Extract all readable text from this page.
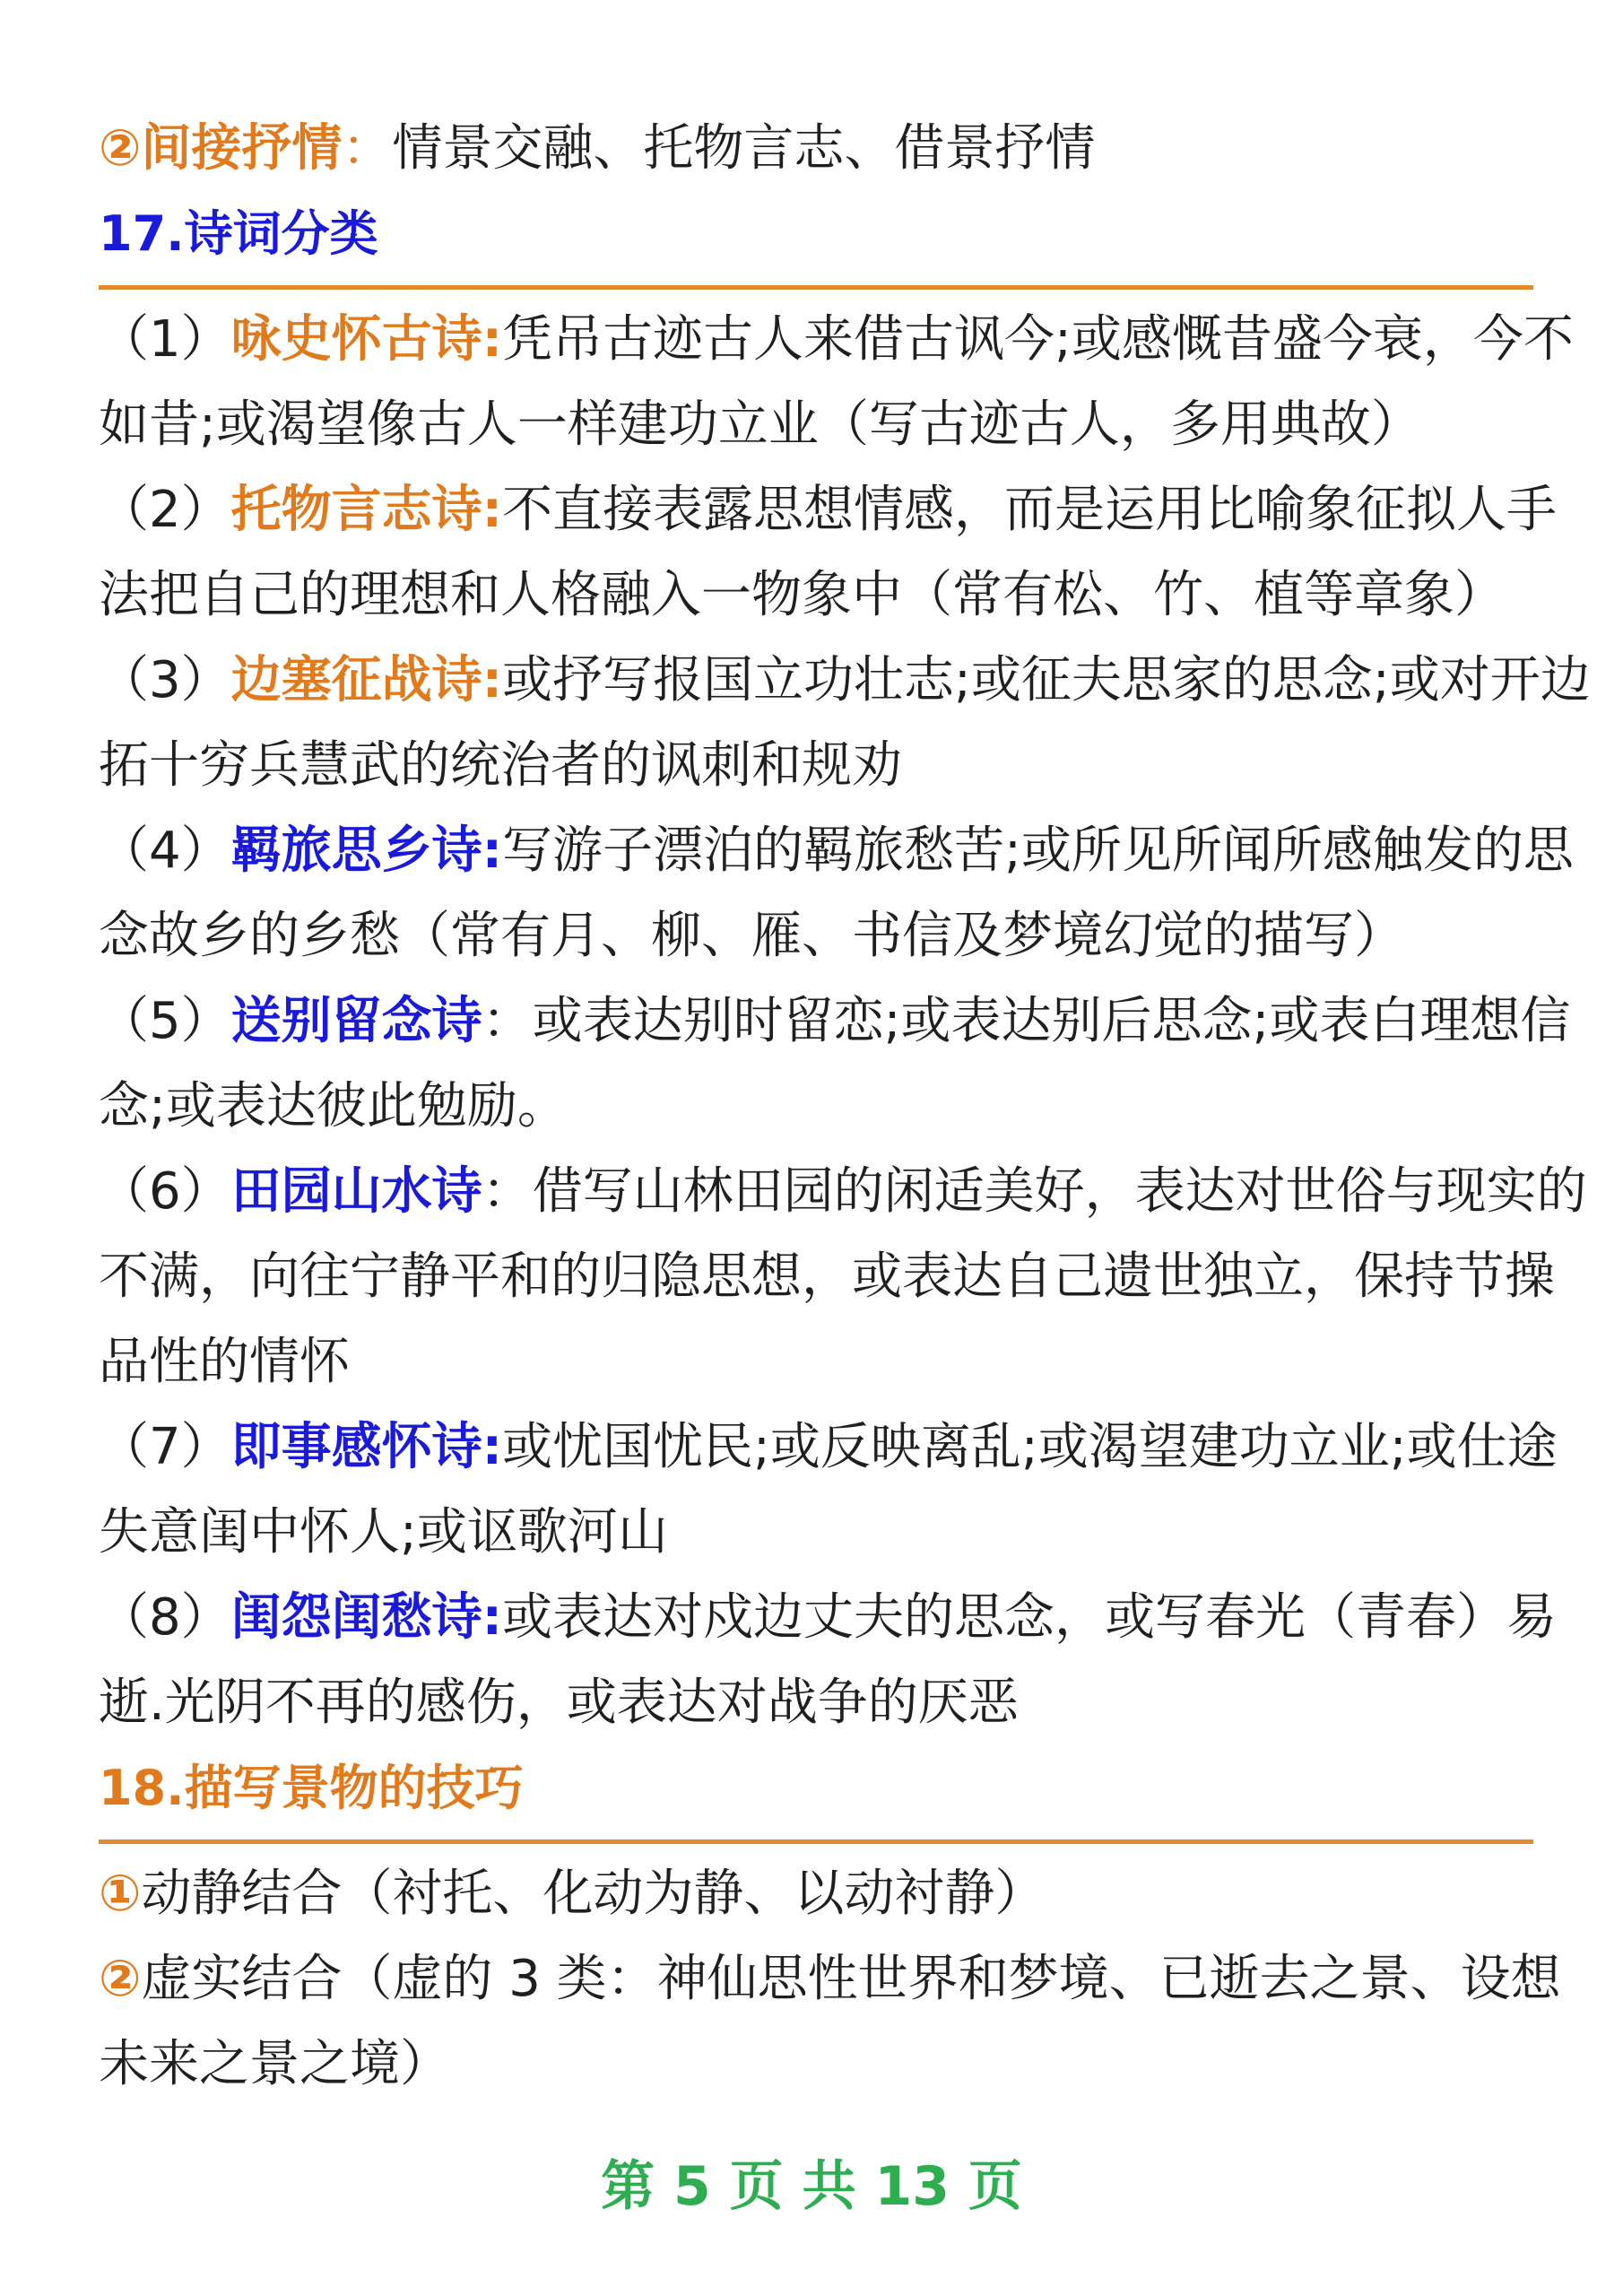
②间接抒情：情景交融、托物言志、借景抒情

17.诗词分类

（1）咏史怀古诗:凭吊古迹古人来借古讽今;或感慨昔盛今衰，今不

如昔;或渴望像古人一样建功立业（写古迹古人，多用典故）

（2）托物言志诗:不直接表露思想情感，而是运用比喻象征拟人手

法把自己的理想和人格融入一物象中（常有松、竹、植等章象）

（3）边塞征战诗:或抒写报国立功壮志;或征夫思家的思念;或对开边

拓十穷兵慧武的统治者的讽刺和规劝

（4）羁旅思乡诗:写游子漂泊的羁旅愁苦;或所见所闻所感触发的思

念故乡的乡愁（常有月、柳、雁、书信及梦境幻觉的描写）

（5）送别留念诗：或表达别时留恋;或表达别后思念;或表白理想信

念;或表达彼此勉励。

（6）田园山水诗：借写山林田园的闲适美好，表达对世俗与现实的

不满，向往宁静平和的归隐思想，或表达自己遗世独立，保持节操

品性的情怀

（7）即事感怀诗:或忧国忧民;或反映离乱;或渴望建功立业;或仕途

失意闺中怀人;或讴歌河山

（8）闺怨闺愁诗:或表达对戍边丈夫的思念，或写春光（青春）易

逝.光阴不再的感伤，或表达对战争的厌恶

18.描写景物的技巧

①动静结合（衬托、化动为静、以动衬静）

②虚实结合（虚的 3 类：神仙思性世界和梦境、已逝去之景、设想

未来之景之境）

第 5 页 共 13 页
